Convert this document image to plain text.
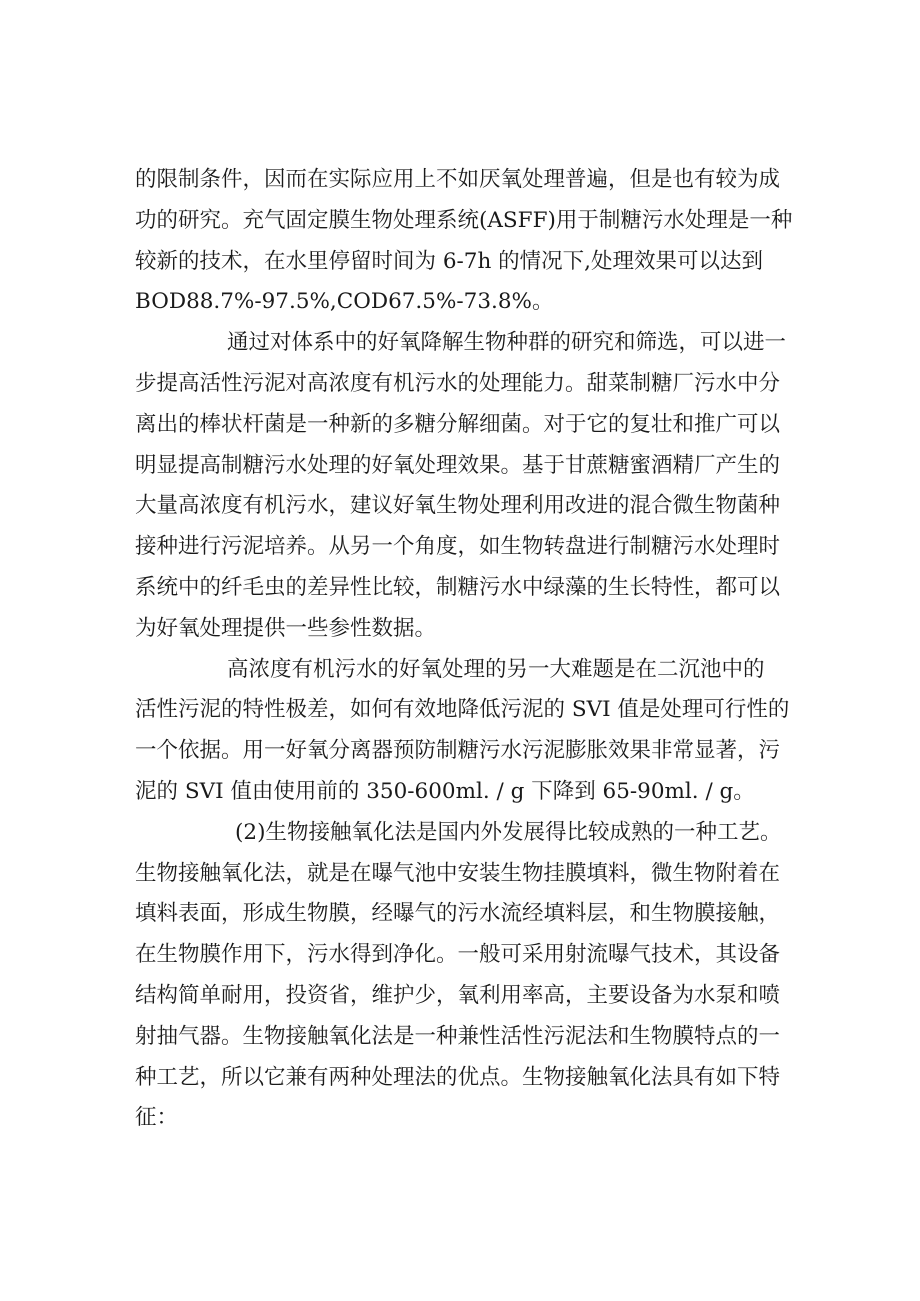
的限制条件，因而在实际应用上不如厌氧处理普遍，但是也有较为成
功的研究。充气固定膜生物处理系统(ASFF)用于制糖污水处理是一种
较新的技术，在水里停留时间为 6-7h 的情况下,处理效果可以达到
BOD88.7%-97.5%,COD67.5%-73.8%。

通过对体系中的好氧降解生物种群的研究和筛选，可以进一
步提高活性污泥对高浓度有机污水的处理能力。甜菜制糖厂污水中分
离出的棒状杆菌是一种新的多糖分解细菌。对于它的复壮和推广可以
明显提高制糖污水处理的好氧处理效果。基于甘蔗糖蜜酒精厂产生的
大量高浓度有机污水，建议好氧生物处理利用改进的混合微生物菌种
接种进行污泥培养。从另一个角度，如生物转盘进行制糖污水处理时
系统中的纤毛虫的差异性比较，制糖污水中绿藻的生长特性，都可以
为好氧处理提供一些参性数据。

高浓度有机污水的好氧处理的另一大难题是在二沉池中的
活性污泥的特性极差，如何有效地降低污泥的 SVI 值是处理可行性的
一个依据。用一好氧分离器预防制糖污水污泥膨胀效果非常显著，污
泥的 SVI 值由使用前的 350-600ml. / g 下降到 65-90ml. / g。

(2)生物接触氧化法是国内外发展得比较成熟的一种工艺。
生物接触氧化法，就是在曝气池中安装生物挂膜填料，微生物附着在
填料表面，形成生物膜，经曝气的污水流经填料层，和生物膜接触，
在生物膜作用下，污水得到净化。一般可采用射流曝气技术，其设备
结构简单耐用，投资省，维护少，氧利用率高，主要设备为水泵和喷
射抽气器。生物接触氧化法是一种兼性活性污泥法和生物膜特点的一
种工艺，所以它兼有两种处理法的优点。生物接触氧化法具有如下特
征：
